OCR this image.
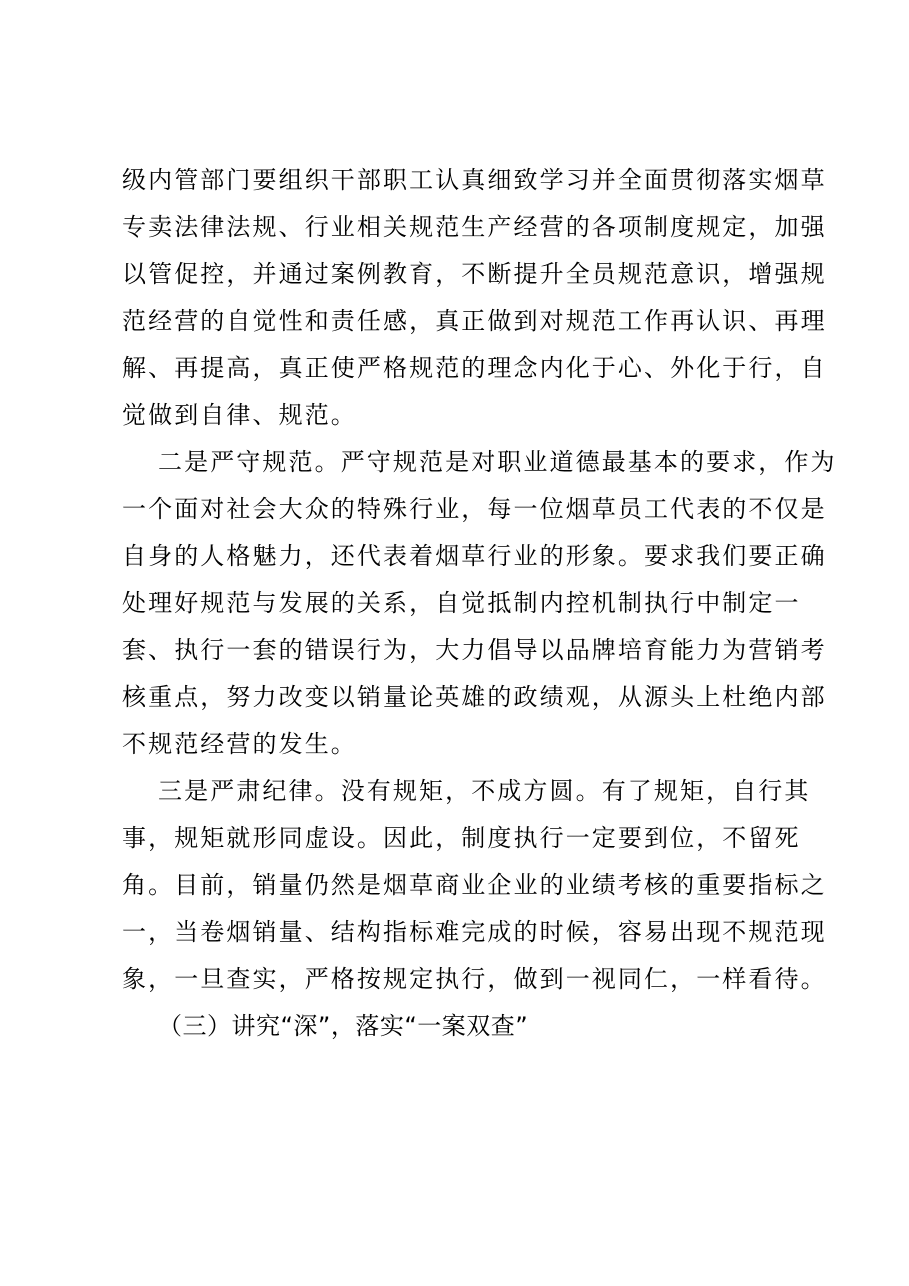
级内管部门要组织干部职工认真细致学习并全面贯彻落实烟草
专卖法律法规、行业相关规范生产经营的各项制度规定，加强
以管促控，并通过案例教育，不断提升全员规范意识，增强规
范经营的自觉性和责任感，真正做到对规范工作再认识、再理
解、再提高，真正使严格规范的理念内化于心、外化于行，自
觉做到自律、规范。
二是严守规范。严守规范是对职业道德最基本的要求，作为
一个面对社会大众的特殊行业，每一位烟草员工代表的不仅是
自身的人格魅力，还代表着烟草行业的形象。要求我们要正确
处理好规范与发展的关系，自觉抵制内控机制执行中制定一
套、执行一套的错误行为，大力倡导以品牌培育能力为营销考
核重点，努力改变以销量论英雄的政绩观，从源头上杜绝内部
不规范经营的发生。
三是严肃纪律。没有规矩，不成方圆。有了规矩，自行其
事，规矩就形同虚设。因此，制度执行一定要到位，不留死
角。目前，销量仍然是烟草商业企业的业绩考核的重要指标之
一，当卷烟销量、结构指标难完成的时候，容易出现不规范现
象，一旦查实，严格按规定执行，做到一视同仁，一样看待。
（三）讲究“深”，落实“一案双查”
